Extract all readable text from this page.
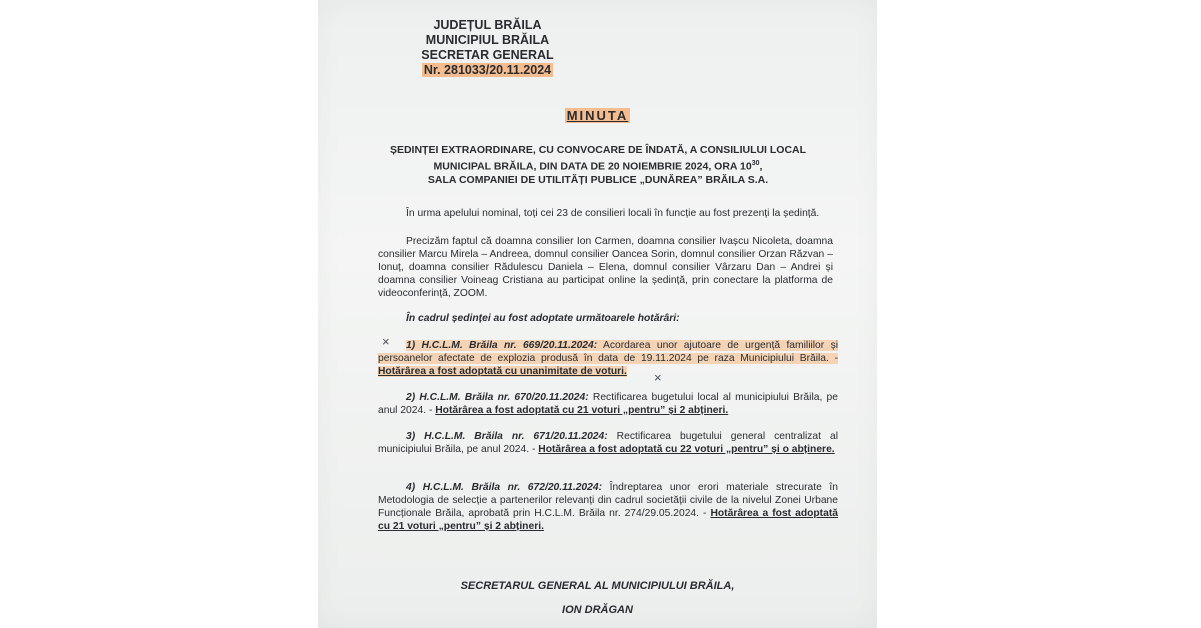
JUDEȚUL BRĂILA
MUNICIPIUL BRĂILA
SECRETAR GENERAL
Nr. 281033/20.11.2024
MINUTA
ȘEDINȚEI EXTRAORDINARE, CU CONVOCARE DE ÎNDATĂ, A CONSILIULUI LOCAL
MUNICIPAL BRĂILA, DIN DATA DE 20 NOIEMBRIE 2024, ORA $10^{30}$,
SALA COMPANIEI DE UTILITĂȚI PUBLICE „DUNĂREA” BRĂILA S.A.
În urma apelului nominal, toți cei 23 de consilieri locali în funcție au fost prezenți la ședință.
Precizăm faptul că doamna consilier Ion Carmen, doamna consilier Ivașcu Nicoleta, doamna consilier Marcu Mirela – Andreea, domnul consilier Oancea Sorin, domnul consilier Orzan Răzvan – Ionuț, doamna consilier Rădulescu Daniela – Elena, domnul consilier Vârzaru Dan – Andrei și doamna consilier Voineag Cristiana au participat online la ședință, prin conectare la platforma de videoconferință, ZOOM.
În cadrul ședinței au fost adoptate următoarele hotărâri:
×
×
1) H.C.L.M. Brăila nr. 669/20.11.2024: Acordarea unor ajutoare de urgență familiilor și persoanelor afectate de explozia produsă în data de 19.11.2024 pe raza Municipiului Brăila. - Hotărârea a fost adoptată cu unanimitate de voturi.
2) H.C.L.M. Brăila nr. 670/20.11.2024: Rectificarea bugetului local al municipiului Brăila, pe anul 2024. - Hotărârea a fost adoptată cu 21 voturi „pentru” și 2 abțineri.
3) H.C.L.M. Brăila nr. 671/20.11.2024: Rectificarea bugetului general centralizat al municipiului Brăila, pe anul 2024. - Hotărârea a fost adoptată cu 22 voturi „pentru” și o abținere.
4) H.C.L.M. Brăila nr. 672/20.11.2024: Îndreptarea unor erori materiale strecurate în Metodologia de selecție a partenerilor relevanți din cadrul societății civile de la nivelul Zonei Urbane Funcționale Brăila, aprobată prin H.C.L.M. Brăila nr. 274/29.05.2024. - Hotărârea a fost adoptată cu 21 voturi „pentru” și 2 abțineri.
SECRETARUL GENERAL AL MUNICIPIULUI BRĂILA,
ION DRĂGAN
